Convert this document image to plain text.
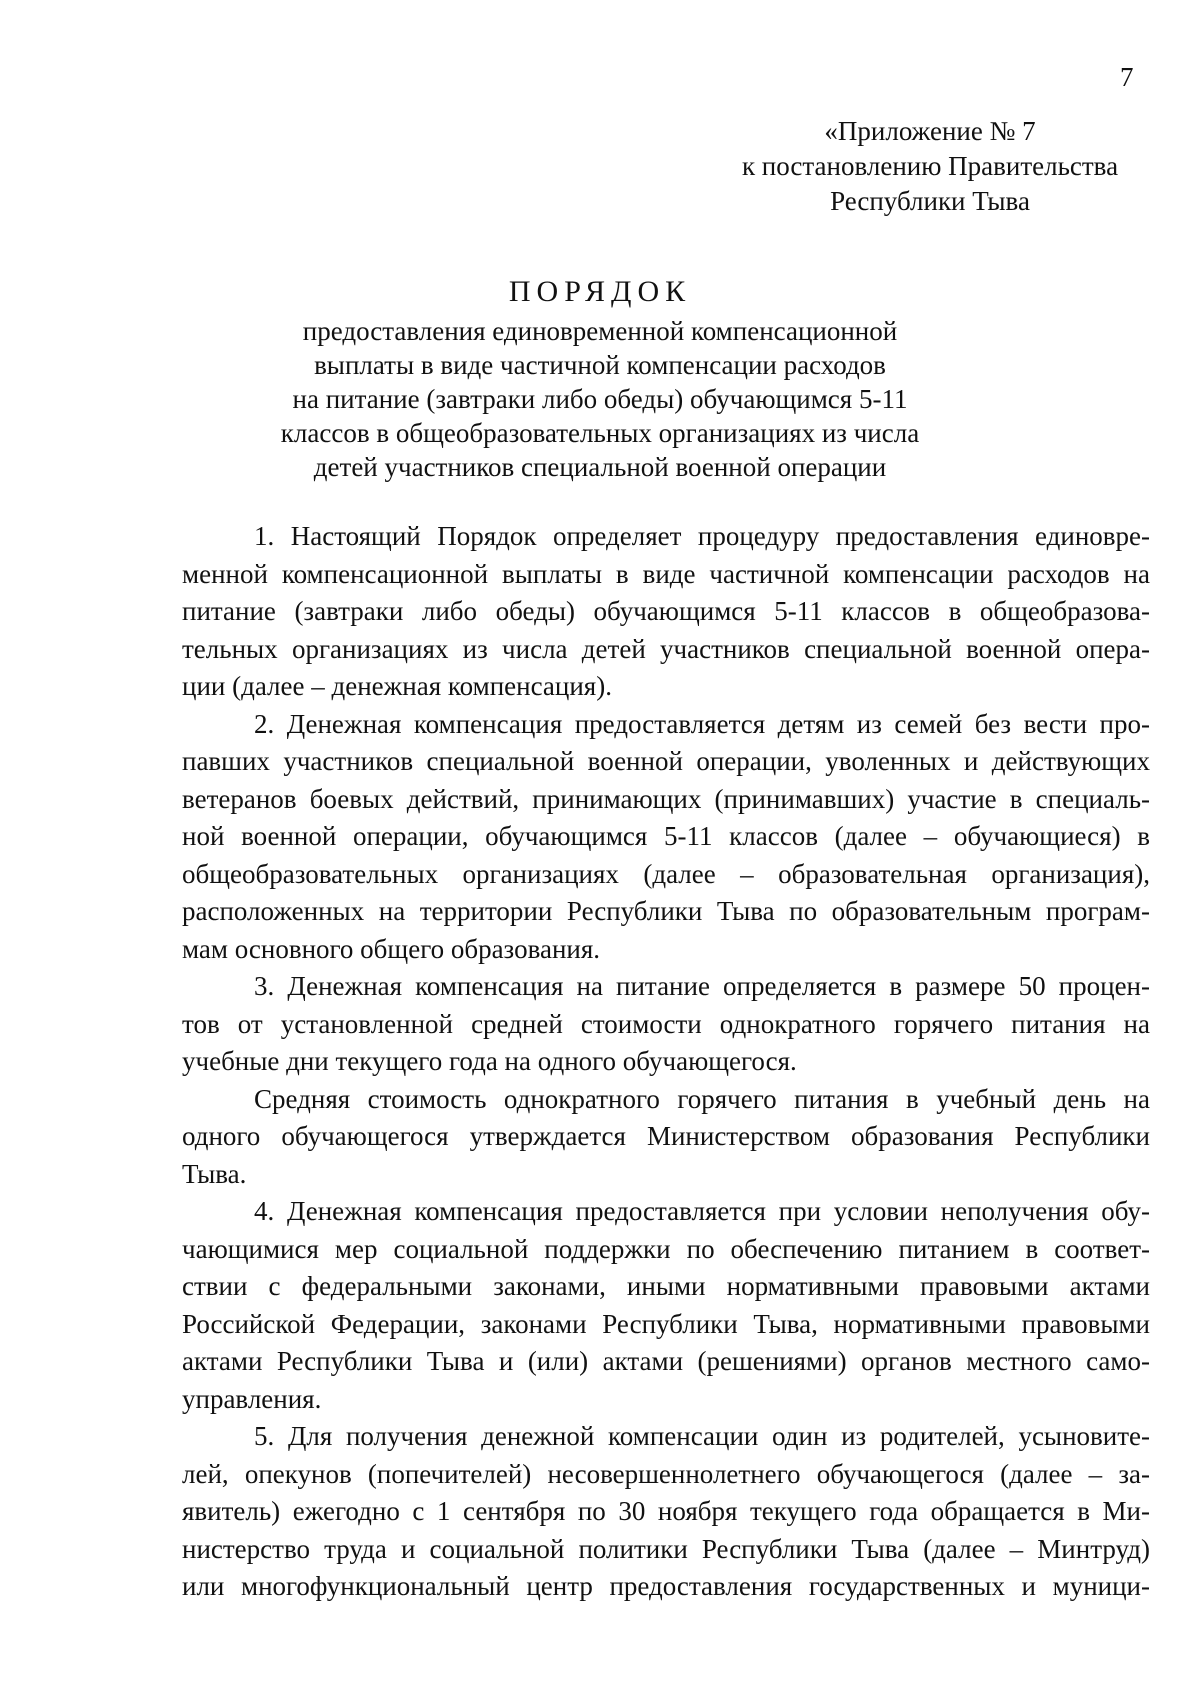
7
«Приложение № 7
к постановлению Правительства
Республики Тыва
ПОРЯДОК
предоставления единовременной компенсационной
выплаты в виде частичной компенсации расходов
на питание (завтраки либо обеды) обучающимся 5-11
классов в общеобразовательных организациях из числа
детей участников специальной военной операции
1. Настоящий Порядок определяет процедуру предоставления единовре-
менной компенсационной выплаты в виде частичной компенсации расходов на
питание (завтраки либо обеды) обучающимся 5-11 классов в общеобразова-
тельных организациях из числа детей участников специальной военной опера-
ции (далее – денежная компенсация).
2. Денежная компенсация предоставляется детям из семей без вести про-
павших участников специальной военной операции, уволенных и действующих
ветеранов боевых действий, принимающих (принимавших) участие в специаль-
ной военной операции, обучающимся 5-11 классов (далее – обучающиеся) в
общеобразовательных организациях (далее – образовательная организация),
расположенных на территории Республики Тыва по образовательным програм-
мам основного общего образования.
3. Денежная компенсация на питание определяется в размере 50 процен-
тов от установленной средней стоимости однократного горячего питания на
учебные дни текущего года на одного обучающегося.
Средняя стоимость однократного горячего питания в учебный день на
одного обучающегося утверждается Министерством образования Республики
Тыва.
4. Денежная компенсация предоставляется при условии неполучения обу-
чающимися мер социальной поддержки по обеспечению питанием в соответ-
ствии с федеральными законами, иными нормативными правовыми актами
Российской Федерации, законами Республики Тыва, нормативными правовыми
актами Республики Тыва и (или) актами (решениями) органов местного само-
управления.
5. Для получения денежной компенсации один из родителей, усыновите-
лей, опекунов (попечителей) несовершеннолетнего обучающегося (далее – за-
явитель) ежегодно с 1 сентября по 30 ноября текущего года обращается в Ми-
нистерство труда и социальной политики Республики Тыва (далее – Минтруд)
или многофункциональный центр предоставления государственных и муници-
